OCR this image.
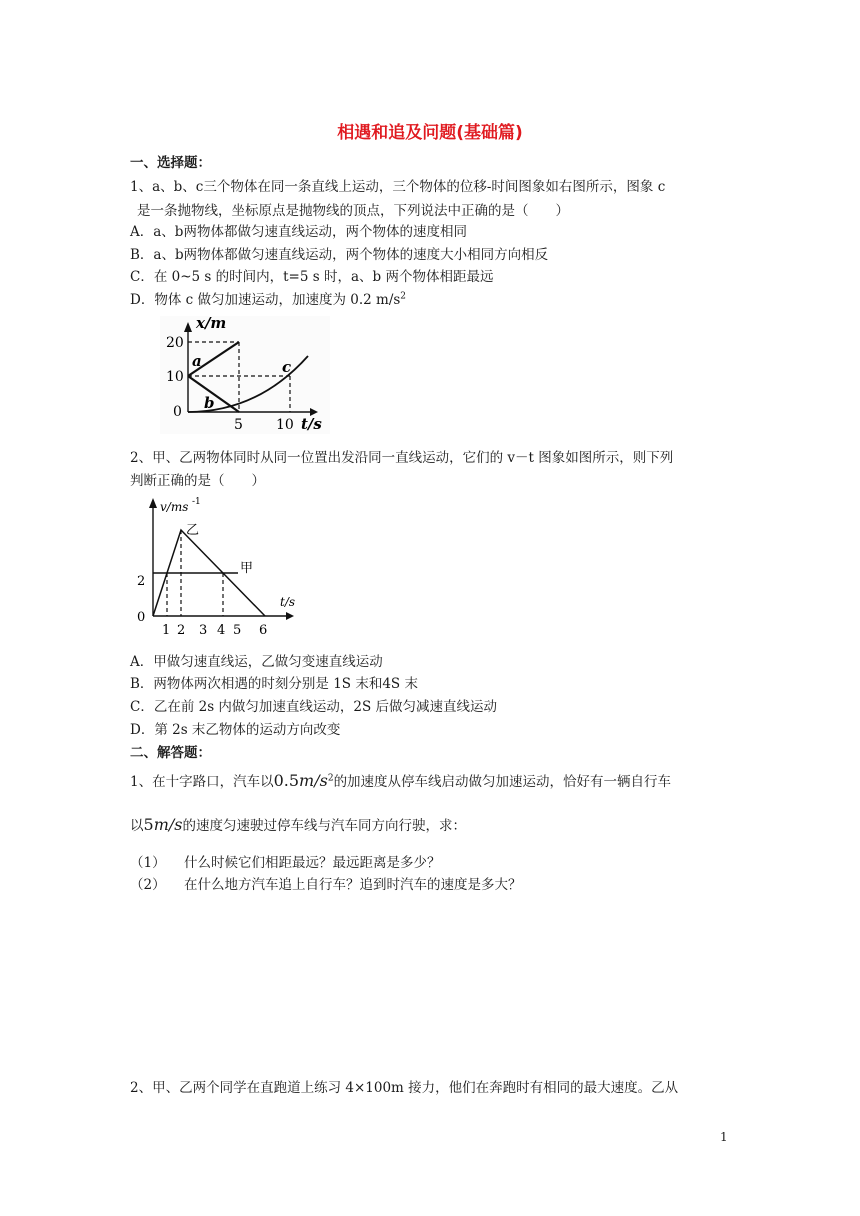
相遇和追及问题(基础篇)
一、选择题：
1、a、b、c三个物体在同一条直线上运动，三个物体的位移-时间图象如右图所示，图象 c
是一条抛物线，坐标原点是抛物线的顶点，下列说法中正确的是（　　）
A．a、b两物体都做匀速直线运动，两个物体的速度相同
B．a、b两物体都做匀速直线运动，两个物体的速度大小相同方向相反
C．在 0~5 s 的时间内，t=5 s 时，a、b 两个物体相距最远
D．物体 c 做匀加速运动，加速度为 0.2 $m/s^2$
x/m
20
10
0
5 10 t/s
a
b
c
2、甲、乙两物体同时从同一位置出发沿同一直线运动，它们的 v－t 图象如图所示，则下列
判断正确的是（　　）
v/ms -1
2
0
1 2 3 4 5 6
t/s
乙
甲
A．甲做匀速直线运，乙做匀变速直线运动
B．两物体两次相遇的时刻分别是 1S 末和4S 末
C．乙在前 2s 内做匀加速直线运动，2S 后做匀减速直线运动
D．第 2s 末乙物体的运动方向改变
二、解答题：
1、在十字路口，汽车以$0.5m/s^2$的加速度从停车线启动做匀加速运动，恰好有一辆自行车
以5m/s的速度匀速驶过停车线与汽车同方向行驶，求：
（1） 什么时候它们相距最远？最远距离是多少？
（2） 在什么地方汽车追上自行车？追到时汽车的速度是多大？
2、甲、乙两个同学在直跑道上练习 4×100m 接力，他们在奔跑时有相同的最大速度。乙从
1
